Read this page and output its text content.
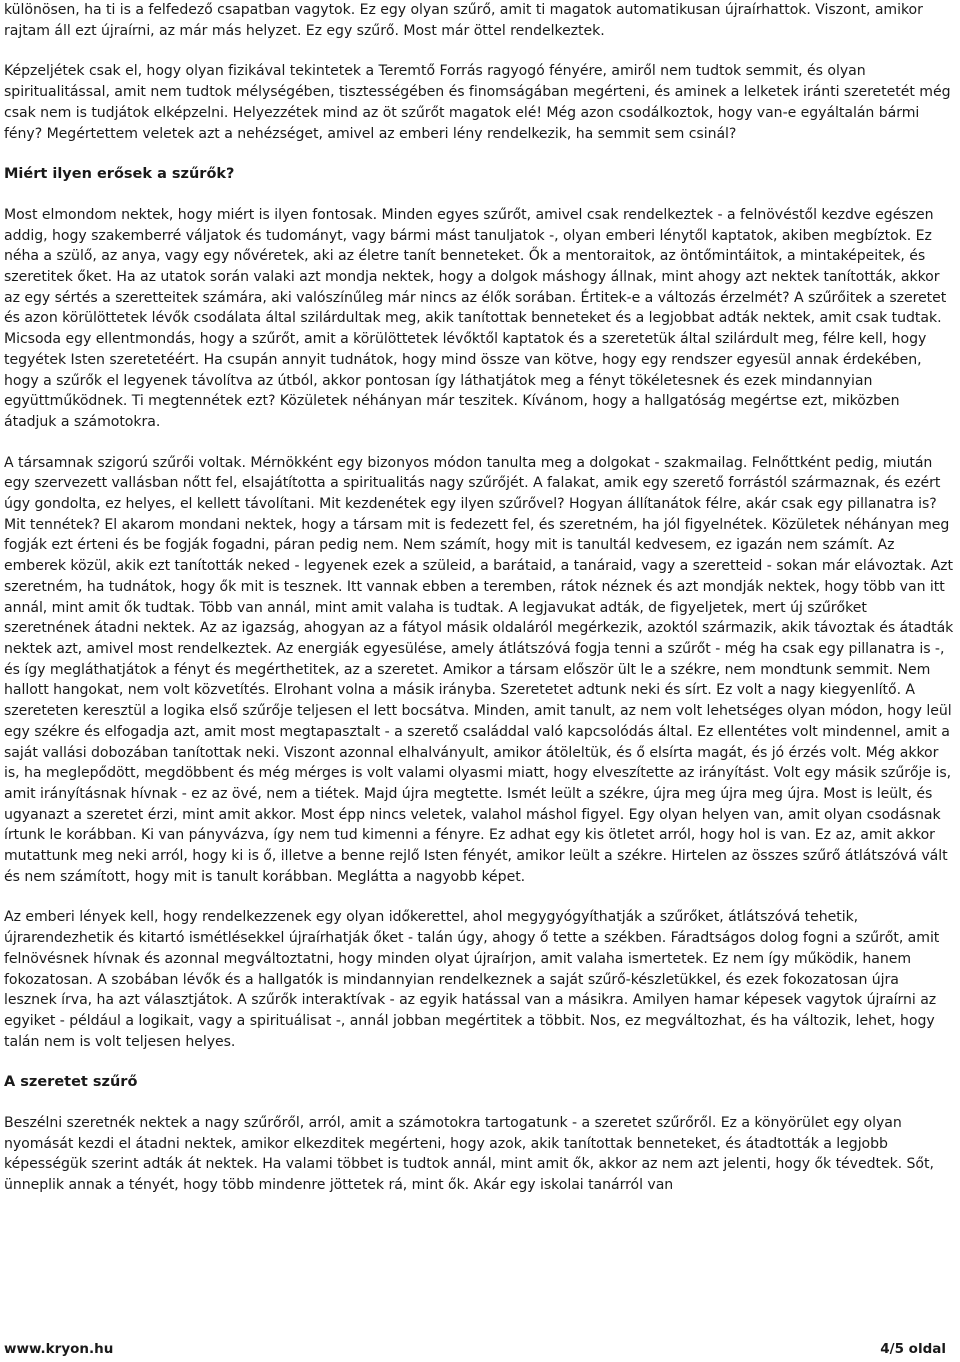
különösen, ha ti is a felfedező csapatban vagytok. Ez egy olyan szűrő, amit ti magatok automatikusan újraírhattok. Viszont, amikor rajtam áll ezt újraírni, az már más helyzet. Ez egy szűrő. Most már öttel rendelkeztek.

Képzeljétek csak el, hogy olyan fizikával tekintetek a Teremtő Forrás ragyogó fényére, amiről nem tudtok semmit, és olyan spiritualitással, amit nem tudtok mélységében, tisztességében és finomságában megérteni, és aminek a lelketek iránti szeretetét még csak nem is tudjátok elképzelni. Helyezzétek mind az öt szűrőt magatok elé! Még azon csodálkoztok, hogy van-e egyáltalán bármi fény? Megértettem veletek azt a nehézséget, amivel az emberi lény rendelkezik, ha semmit sem csinál?

Miért ilyen erősek a szűrők?

Most elmondom nektek, hogy miért is ilyen fontosak. Minden egyes szűrőt, amivel csak rendelkeztek - a felnövéstől kezdve egészen addig, hogy szakemberré váljatok és tudományt, vagy bármi mást tanuljatok -, olyan emberi lénytől kaptatok, akiben megbíztok. Ez néha a szülő, az anya, vagy egy nővéretek, aki az életre tanít benneteket. Ők a mentoraitok, az öntőmintáitok, a mintaképeitek, és szeretitek őket. Ha az utatok során valaki azt mondja nektek, hogy a dolgok máshogy állnak, mint ahogy azt nektek tanították, akkor az egy sértés a szeretteitek számára, aki valószínűleg már nincs az élők sorában. Értitek-e a változás érzelmét? A szűrőitek a szeretet és azon körülöttetek lévők csodálata által szilárdultak meg, akik tanítottak benneteket és a legjobbat adták nektek, amit csak tudtak. Micsoda egy ellentmondás, hogy a szűrőt, amit a körülöttetek lévőktől kaptatok és a szeretetük által szilárdult meg, félre kell, hogy tegyétek Isten szeretetéért. Ha csupán annyit tudnátok, hogy mind össze van kötve, hogy egy rendszer egyesül annak érdekében, hogy a szűrők el legyenek távolítva az útból, akkor pontosan így láthatjátok meg a fényt tökéletesnek és ezek mindannyian együttműködnek. Ti megtennétek ezt? Közületek néhányan már teszitek. Kívánom, hogy a hallgatóság megértse ezt, miközben átadjuk a számotokra.

A társamnak szigorú szűrői voltak. Mérnökként egy bizonyos módon tanulta meg a dolgokat - szakmailag. Felnőttként pedig, miután egy szervezett vallásban nőtt fel, elsajátította a spiritualitás nagy szűrőjét. A falakat, amik egy szerető forrástól származnak, és ezért úgy gondolta, ez helyes, el kellett távolítani. Mit kezdenétek egy ilyen szűrővel? Hogyan állítanátok félre, akár csak egy pillanatra is? Mit tennétek? El akarom mondani nektek, hogy a társam mit is fedezett fel, és szeretném, ha jól figyelnétek. Közületek néhányan meg fogják ezt érteni és be fogják fogadni, páran pedig nem. Nem számít, hogy mit is tanultál kedvesem, ez igazán nem számít. Az emberek közül, akik ezt tanították neked - legyenek ezek a szüleid, a barátaid, a tanáraid, vagy a szeretteid - sokan már elávoztak. Azt szeretném, ha tudnátok, hogy ők mit is tesznek. Itt vannak ebben a teremben, rátok néznek és azt mondják nektek, hogy több van itt annál, mint amit ők tudtak. Több van annál, mint amit valaha is tudtak. A legjavukat adták, de figyeljetek, mert új szűrőket szeretnének átadni nektek. Az az igazság, ahogyan az a fátyol másik oldaláról megérkezik, azoktól származik, akik távoztak és átadták nektek azt, amivel most rendelkeztek. Az energiák egyesülése, amely átlátszóvá fogja tenni a szűrőt - még ha csak egy pillanatra is -, és így megláthatjátok a fényt és megérthetitek, az a szeretet. Amikor a társam először ült le a székre, nem mondtunk semmit. Nem hallott hangokat, nem volt közvetítés. Elrohant volna a másik irányba. Szeretetet adtunk neki és sírt. Ez volt a nagy kiegyenlítő. A szereteten keresztül a logika első szűrője teljesen el lett bocsátva. Minden, amit tanult, az nem volt lehetséges olyan módon, hogy leül egy székre és elfogadja azt, amit most megtapasztalt - a szerető családdal való kapcsolódás által. Ez ellentétes volt mindennel, amit a saját vallási dobozában tanítottak neki. Viszont azonnal elhalványult, amikor átöleltük, és ő elsírta magát, és jó érzés volt. Még akkor is, ha meglepődött, megdöbbent és még mérges is volt valami olyasmi miatt, hogy elveszítette az irányítást. Volt egy másik szűrője is, amit irányításnak hívnak - ez az övé, nem a tiétek. Majd újra megtette. Ismét leült a székre, újra meg újra meg újra. Most is leült, és ugyanazt a szeretet érzi, mint amit akkor. Most épp nincs veletek, valahol máshol figyel. Egy olyan helyen van, amit olyan csodásnak írtunk le korábban. Ki van pányvázva, így nem tud kimenni a fényre. Ez adhat egy kis ötletet arról, hogy hol is van. Ez az, amit akkor mutattunk meg neki arról, hogy ki is ő, illetve a benne rejlő Isten fényét, amikor leült a székre. Hirtelen az összes szűrő átlátszóvá vált és nem számított, hogy mit is tanult korábban. Meglátta a nagyobb képet.

Az emberi lények kell, hogy rendelkezzenek egy olyan időkerettel, ahol megygyógyíthatják a szűrőket, átlátszóvá tehetik, újrarendezhetik és kitartó ismétlésekkel újraírhatják őket - talán úgy, ahogy ő tette a székben. Fáradtságos dolog fogni a szűrőt, amit felnövésnek hívnak és azonnal megváltoztatni, hogy minden olyat újraírjon, amit valaha ismertetek. Ez nem így működik, hanem fokozatosan. A szobában lévők és a hallgatók is mindannyian rendelkeznek a saját szűrő-készletükkel, és ezek fokozatosan újra lesznek írva, ha azt választjátok. A szűrők interaktívak - az egyik hatással van a másikra. Amilyen hamar képesek vagytok újraírni az egyiket - például a logikait, vagy a spirituálisat -, annál jobban megértitek a többit. Nos, ez megváltozhat, és ha változik, lehet, hogy talán nem is volt teljesen helyes.

A szeretet szűrő

Beszélni szeretnék nektek a nagy szűrőről, arról, amit a számotokra tartogatunk - a szeretet szűrőről. Ez a könyörület egy olyan nyomását kezdi el átadni nektek, amikor elkezditek megérteni, hogy azok, akik tanítottak benneteket, és átadtották a legjobb képességük szerint adták át nektek. Ha valami többet is tudtok annál, mint amit ők, akkor az nem azt jelenti, hogy ők tévedtek. Sőt, ünneplik annak a tényét, hogy több mindenre jöttetek rá, mint ők. Akár egy iskolai tanárról van

www.kryon.hu	4/5 oldal
